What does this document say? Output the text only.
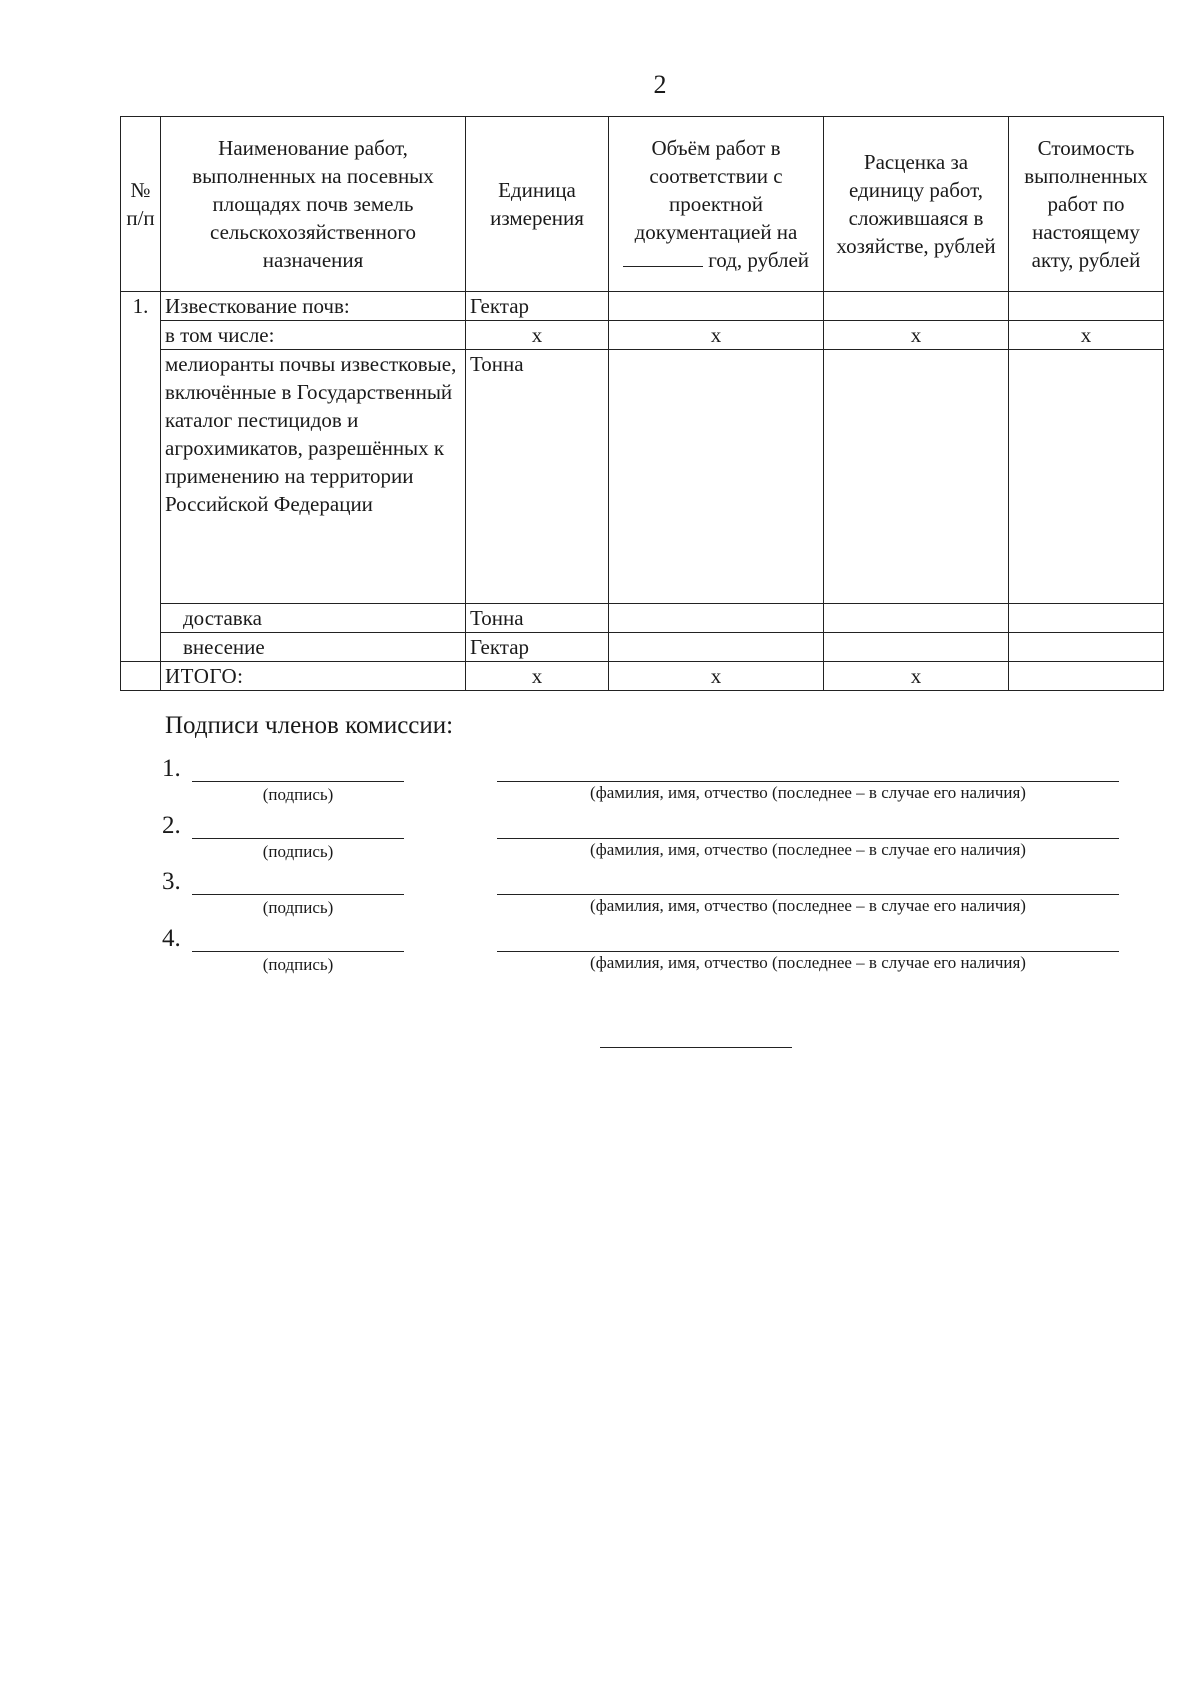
2
№ п/п	Наименование работ, выполненных на посевных площадях почв земель сельскохозяйственного назначения	Единица измерения	Объём работ в соответствии с проектной документацией на  год, рублей	Расценка за единицу работ, сложившаяся в хозяйстве, рублей	Стоимость выполненных работ по настоящему акту, рублей
1.	Известкование почв:	Гектар			
	в том числе:	x	x	x	x
	мелиоранты почвы известковые, включённые в Государственный каталог пестицидов и агрохимикатов, разрешённых к применению на территории Российской Федерации	Тонна			
	доставка	Тонна			
	внесение	Гектар			
	ИТОГО:	x	x	x	
Подписи членов комиссии:
1.
(подпись)	(фамилия, имя, отчество (последнее – в случае его наличия)
2.
(подпись)	(фамилия, имя, отчество (последнее – в случае его наличия)
3.
(подпись)	(фамилия, имя, отчество (последнее – в случае его наличия)
4.
(подпись)	(фамилия, имя, отчество (последнее – в случае его наличия)
